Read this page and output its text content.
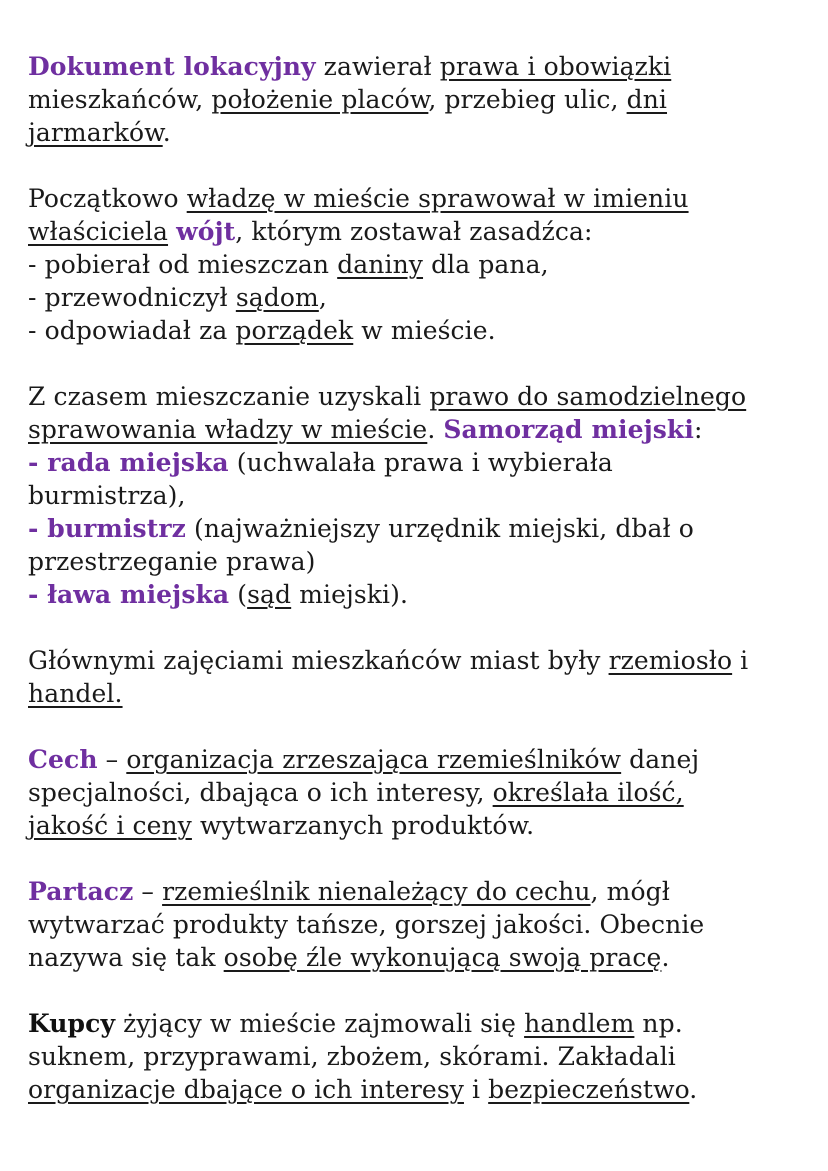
Dokument lokacyjny zawierał prawa i obowiązki
mieszkańców, położenie placów, przebieg ulic, dni
jarmarków.
Początkowo władzę w mieście sprawował w imieniu
właściciela wójt, którym zostawał zasadźca:
- pobierał od mieszczan daniny dla pana,
- przewodniczył sądom,
- odpowiadał za porządek w mieście.
Z czasem mieszczanie uzyskali prawo do samodzielnego
sprawowania władzy w mieście. Samorząd miejski:
- rada miejska (uchwalała prawa i wybierała
burmistrza),
- burmistrz (najważniejszy urzędnik miejski, dbał o
przestrzeganie prawa)
- ława miejska (sąd miejski).
Głównymi zajęciami mieszkańców miast były rzemiosło i
handel.
Cech – organizacja zrzeszająca rzemieślników danej
specjalności, dbająca o ich interesy, określała ilość,
jakość i ceny wytwarzanych produktów.
Partacz – rzemieślnik nienależący do cechu, mógł
wytwarzać produkty tańsze, gorszej jakości. Obecnie
nazywa się tak osobę źle wykonującą swoją pracę.
Kupcy żyjący w mieście zajmowali się handlem np.
suknem, przyprawami, zbożem, skórami. Zakładali
organizacje dbające o ich interesy i bezpieczeństwo.
